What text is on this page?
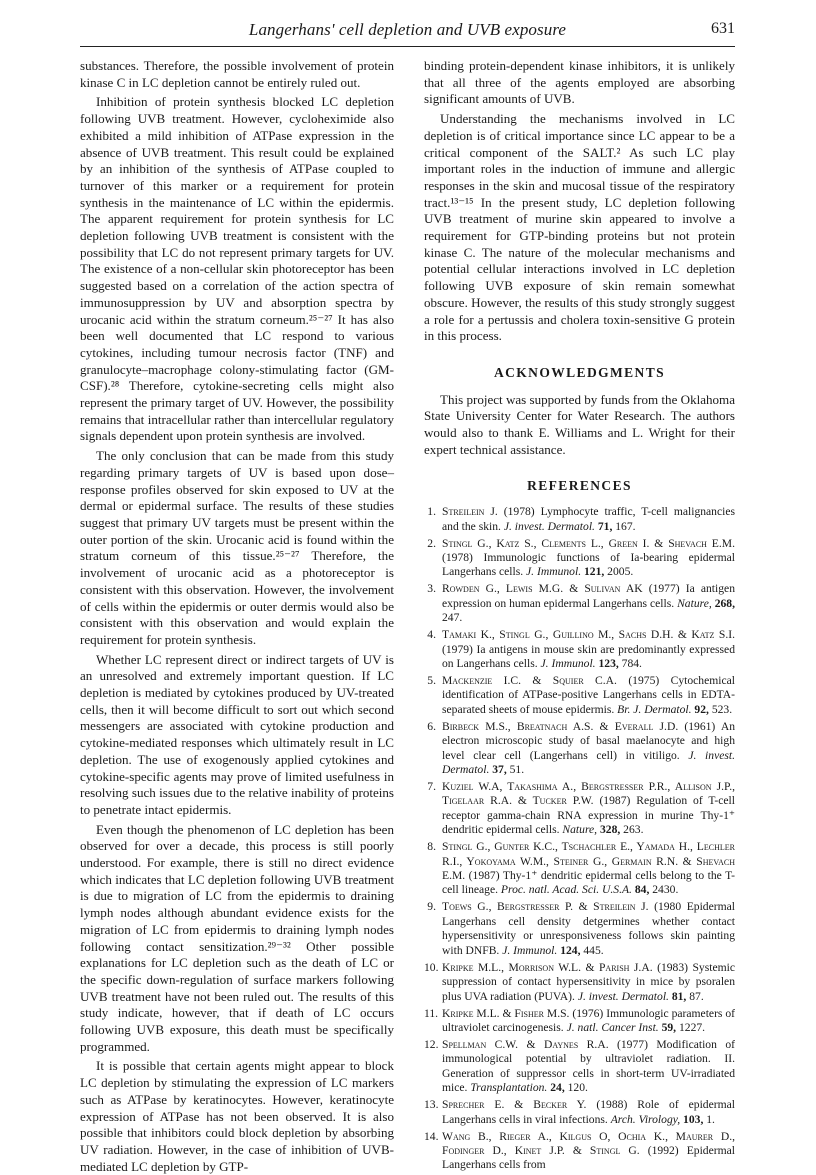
Langerhans' cell depletion and UVB exposure	631

substances. Therefore, the possible involvement of protein kinase C in LC depletion cannot be entirely ruled out.

Inhibition of protein synthesis blocked LC depletion following UVB treatment. However, cycloheximide also exhibited a mild inhibition of ATPase expression in the absence of UVB treatment. This result could be explained by an inhibition of the synthesis of ATPase coupled to turnover of this marker or a requirement for protein synthesis in the maintenance of LC within the epidermis. The apparent requirement for protein synthesis for LC depletion following UVB treatment is consistent with the possibility that LC do not represent primary targets for UV. The existence of a non-cellular skin photoreceptor has been suggested based on a correlation of the action spectra of immunosuppression by UV and absorption spectra by urocanic acid within the stratum corneum.²⁵⁻²⁷ It has also been well documented that LC respond to various cytokines, including tumour necrosis factor (TNF) and granulocyte–macrophage colony-stimulating factor (GM-CSF).²⁸ Therefore, cytokine-secreting cells might also represent the primary target of UV. However, the possibility remains that intracellular rather than intercellular regulatory signals dependent upon protein synthesis are involved.

The only conclusion that can be made from this study regarding primary targets of UV is based upon dose–response profiles observed for skin exposed to UV at the dermal or epidermal surface. The results of these studies suggest that primary UV targets must be present within the outer portion of the skin. Urocanic acid is found within the stratum corneum of this tissue.²⁵⁻²⁷ Therefore, the involvement of urocanic acid as a photoreceptor is consistent with this observation. However, the involvement of cells within the epidermis or outer dermis would also be consistent with this observation and would explain the requirement for protein synthesis.

Whether LC represent direct or indirect targets of UV is an unresolved and extremely important question. If LC depletion is mediated by cytokines produced by UV-treated cells, then it will become difficult to sort out which second messengers are associated with cytokine production and cytokine-mediated responses which ultimately result in LC depletion. The use of exogenously applied cytokines and cytokine-specific agents may prove of limited usefulness in resolving such issues due to the relative inability of proteins to penetrate intact epidermis.

Even though the phenomenon of LC depletion has been observed for over a decade, this process is still poorly understood. For example, there is still no direct evidence which indicates that LC depletion following UVB treatment is due to migration of LC from the epidermis to draining lymph nodes although abundant evidence exists for the migration of LC from epidermis to draining lymph nodes following contact sensitization.²⁹⁻³² Other possible explanations for LC depletion such as the death of LC or the specific down-regulation of surface markers following UVB treatment have not been ruled out. The results of this study indicate, however, that if death of LC occurs following UVB exposure, this death must be specifically programmed.

It is possible that certain agents might appear to block LC depletion by stimulating the expression of LC markers such as ATPase by keratinocytes. However, keratinocyte expression of ATPase has not been observed. It is also possible that inhibitors could block depletion by absorbing UV radiation. However, in the case of inhibition of UVB-mediated LC depletion by GTP-

binding protein-dependent kinase inhibitors, it is unlikely that all three of the agents employed are absorbing significant amounts of UVB.

Understanding the mechanisms involved in LC depletion is of critical importance since LC appear to be a critical component of the SALT.² As such LC play important roles in the induction of immune and allergic responses in the skin and mucosal tissue of the respiratory tract.¹³⁻¹⁵ In the present study, LC depletion following UVB treatment of murine skin appeared to involve a requirement for GTP-binding proteins but not protein kinase C. The nature of the molecular mechanisms and potential cellular interactions involved in LC depletion following UVB exposure of skin remain somewhat obscure. However, the results of this study strongly suggest a role for a pertussis and cholera toxin-sensitive G protein in this process.

ACKNOWLEDGMENTS

This project was supported by funds from the Oklahoma State University Center for Water Research. The authors would also to thank E. Williams and L. Wright for their expert technical assistance.

REFERENCES
1. Streilein J. (1978) Lymphocyte traffic, T-cell malignancies and the skin. J. invest. Dermatol. 71, 167.
2. Stingl G., Katz S., Clements L., Green I. & Shevach E.M. (1978) Immunologic functions of Ia-bearing epidermal Langerhans cells. J. Immunol. 121, 2005.
3. Rowden G., Lewis M.G. & Sulivan AK (1977) Ia antigen expression on human epidermal Langerhans cells. Nature, 268, 247.
4. Tamaki K., Stingl G., Guillino M., Sachs D.H. & Katz S.I. (1979) Ia antigens in mouse skin are predominantly expressed on Langerhans cells. J. Immunol. 123, 784.
5. Mackenzie I.C. & Squier C.A. (1975) Cytochemical identification of ATPase-positive Langerhans cells in EDTA-separated sheets of mouse epidermis. Br. J. Dermatol. 92, 523.
6. Birbeck M.S., Breatnach A.S. & Everall J.D. (1961) An electron microscopic study of basal maelanocyte and high level clear cell (Langerhans cell) in vitiligo. J. invest. Dermatol. 37, 51.
7. Kuziel W.A, Takashima A., Bergstresser P.R., Allison J.P., Tigelaar R.A. & Tucker P.W. (1987) Regulation of T-cell receptor gamma-chain RNA expression in murine Thy-1⁺ dendritic epidermal cells. Nature, 328, 263.
8. Stingl G., Gunter K.C., Tschachler E., Yamada H., Lechler R.I., Yokoyama W.M., Steiner G., Germain R.N. & Shevach E.M. (1987) Thy-1⁺ dendritic epidermal cells belong to the T-cell lineage. Proc. natl. Acad. Sci. U.S.A. 84, 2430.
9. Toews G., Bergstresser P. & Streilein J. (1980 Epidermal Langerhans cell density detgermines whether contact hypersensitivity or unresponsiveness follows skin painting with DNFB. J. Immunol. 124, 445.
10. Kripke M.L., Morrison W.L. & Parish J.A. (1983) Systemic suppression of contact hypersensitivity in mice by psoralen plus UVA radiation (PUVA). J. invest. Dermatol. 81, 87.
11. Kripke M.L. & Fisher M.S. (1976) Immunologic parameters of ultraviolet carcinogenesis. J. natl. Cancer Inst. 59, 1227.
12. Spellman C.W. & Daynes R.A. (1977) Modification of immunological potential by ultraviolet radiation. II. Generation of suppressor cells in short-term UV-irradiated mice. Transplantation. 24, 120.
13. Sprecher E. & Becker Y. (1988) Role of epidermal Langerhans cells in viral infections. Arch. Virology, 103, 1.
14. Wang B., Rieger A., Kilgus O, Ochia K., Maurer D., Fodinger D., Kinet J.P. & Stingl G. (1992) Epidermal Langerhans cells from
